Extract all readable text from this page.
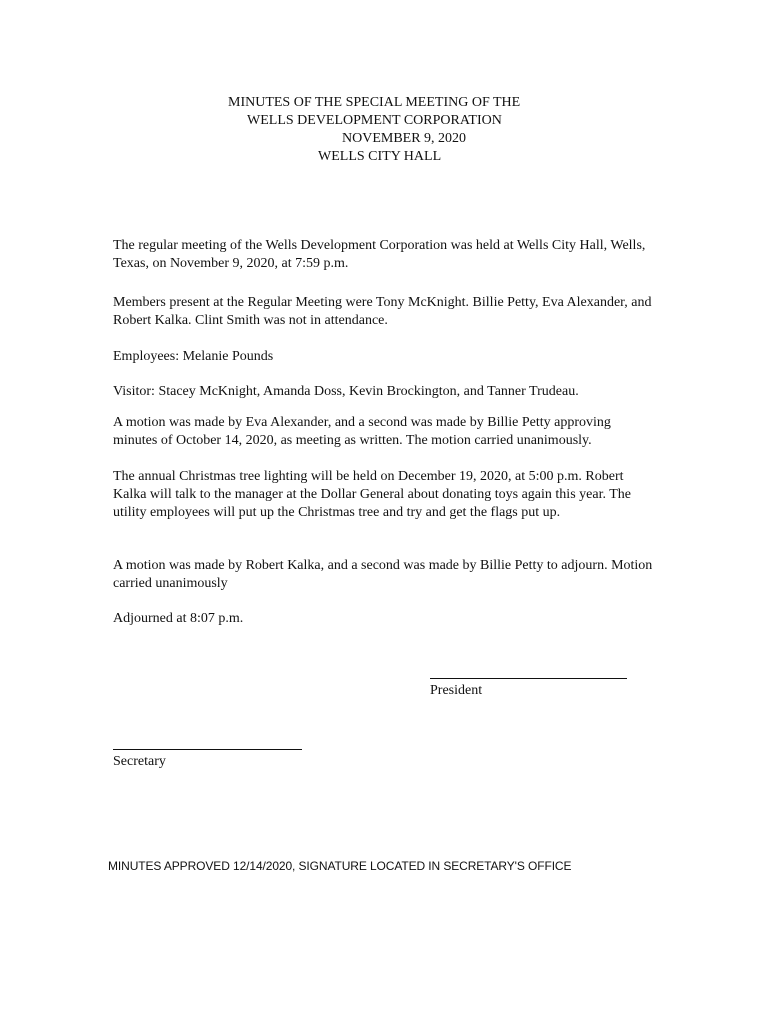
MINUTES OF THE SPECIAL MEETING OF THE
WELLS DEVELOPMENT CORPORATION
NOVEMBER 9, 2020
WELLS CITY HALL

The regular meeting of the Wells Development Corporation was held at Wells City Hall, Wells, Texas, on November 9, 2020, at 7:59 p.m.

Members present at the Regular Meeting were Tony McKnight. Billie Petty, Eva Alexander, and Robert Kalka. Clint Smith was not in attendance.

Employees: Melanie Pounds

Visitor: Stacey McKnight, Amanda Doss, Kevin Brockington, and Tanner Trudeau.

A motion was made by Eva Alexander, and a second was made by Billie Petty approving minutes of October 14, 2020, as meeting as written. The motion carried unanimously.

The annual Christmas tree lighting will be held on December 19, 2020, at 5:00 p.m. Robert Kalka will talk to the manager at the Dollar General about donating toys again this year. The utility employees will put up the Christmas tree and try and get the flags put up.

A motion was made by Robert Kalka, and a second was made by Billie Petty to adjourn. Motion carried unanimously

Adjourned at 8:07 p.m.

President
Secretary
MINUTES APPROVED 12/14/2020, SIGNATURE LOCATED IN SECRETARY'S OFFICE
